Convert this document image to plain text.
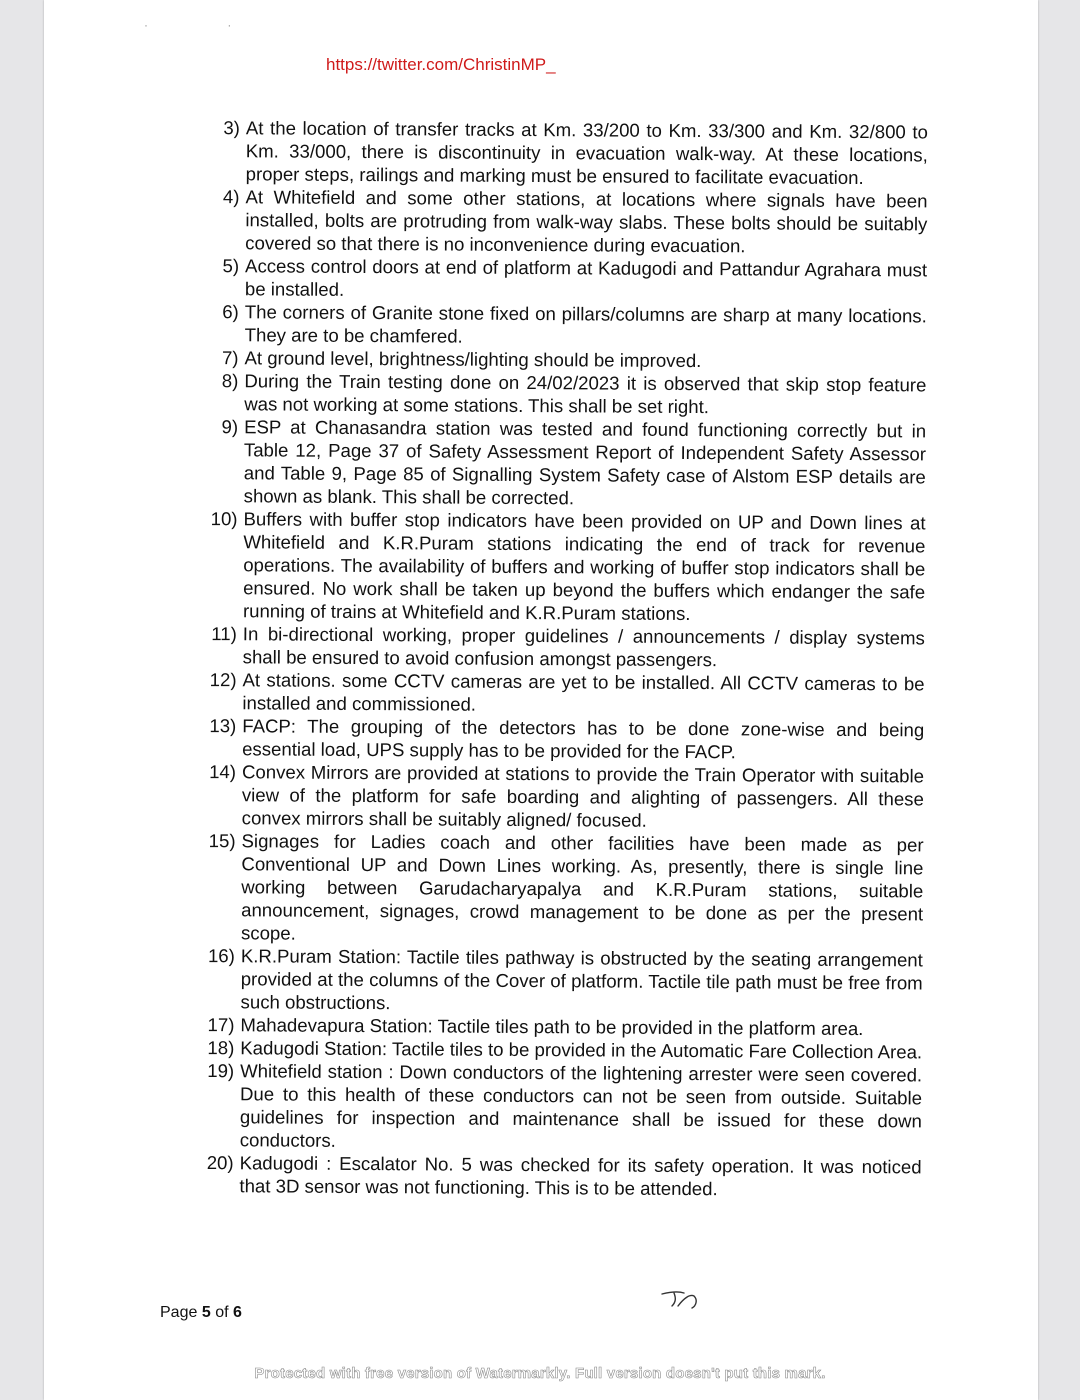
· ·
https://twitter.com/ChristinMP_
3) At the location of transfer tracks at Km. 33/200 to Km. 33/300 and Km. 32/800 to Km. 33/000, there is discontinuity in evacuation walk-way. At these locations, proper steps, railings and marking must be ensured to facilitate evacuation.
4) At Whitefield and some other stations, at locations where signals have been installed, bolts are protruding from walk-way slabs. These bolts should be suitably covered so that there is no inconvenience during evacuation.
5) Access control doors at end of platform at Kadugodi and Pattandur Agrahara must be installed.
6) The corners of Granite stone fixed on pillars/columns are sharp at many locations. They are to be chamfered.
7) At ground level, brightness/lighting should be improved.
8) During the Train testing done on 24/02/2023 it is observed that skip stop feature was not working at some stations. This shall be set right.
9) ESP at Chanasandra station was tested and found functioning correctly but in Table 12, Page 37 of Safety Assessment Report of Independent Safety Assessor and Table 9, Page 85 of Signalling System Safety case of Alstom ESP details are shown as blank. This shall be corrected.
10) Buffers with buffer stop indicators have been provided on UP and Down lines at Whitefield and K.R.Puram stations indicating the end of track for revenue operations. The availability of buffers and working of buffer stop indicators shall be ensured. No work shall be taken up beyond the buffers which endanger the safe running of trains at Whitefield and K.R.Puram stations.
11) In bi-directional working, proper guidelines / announcements / display systems shall be ensured to avoid confusion amongst passengers.
12) At stations. some CCTV cameras are yet to be installed. All CCTV cameras to be installed and commissioned.
13) FACP: The grouping of the detectors has to be done zone-wise and being essential load, UPS supply has to be provided for the FACP.
14) Convex Mirrors are provided at stations to provide the Train Operator with suitable view of the platform for safe boarding and alighting of passengers. All these convex mirrors shall be suitably aligned/ focused.
15) Signages for Ladies coach and other facilities have been made as per Conventional UP and Down Lines working. As, presently, there is single line working between Garudacharyapalya and K.R.Puram stations, suitable announcement, signages, crowd management to be done as per the present scope.
16) K.R.Puram Station: Tactile tiles pathway is obstructed by the seating arrangement provided at the columns of the Cover of platform. Tactile tile path must be free from such obstructions.
17) Mahadevapura Station: Tactile tiles path to be provided in the platform area.
18) Kadugodi Station: Tactile tiles to be provided in the Automatic Fare Collection Area.
19) Whitefield station : Down conductors of the lightening arrester were seen covered. Due to this health of these conductors can not be seen from outside. Suitable guidelines for inspection and maintenance shall be issued for these down conductors.
20) Kadugodi : Escalator No. 5 was checked for its safety operation. It was noticed that 3D sensor was not functioning. This is to be attended.
Page 5 of 6
Protected with free version of Watermarkly. Full version doesn't put this mark.
